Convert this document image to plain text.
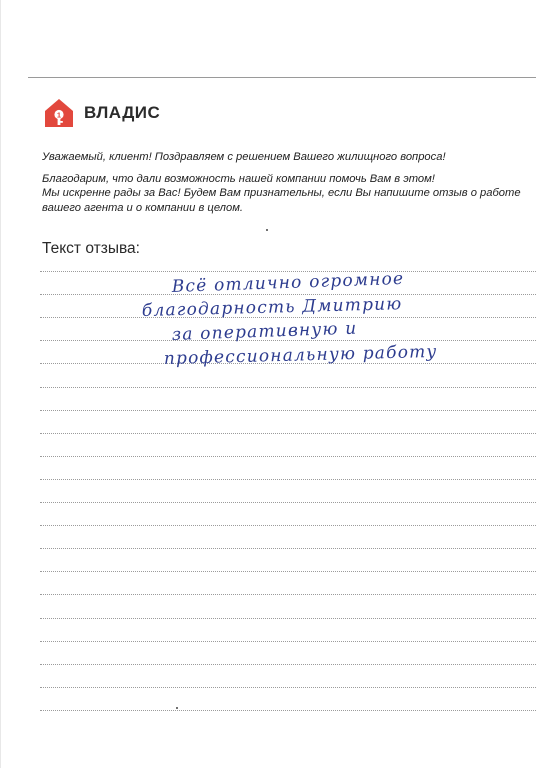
1 ВЛАДИС

Уважаемый, клиент! Поздравляем с решением Вашего жилищного вопроса!

Благодарим, что дали возможность нашей компании помочь Вам в этом!

Мы искренне рады за Вас! Будем Вам признательны, если Вы напишите отзыв о работе

вашего агента и о компании в целом.

Текст отзыва:
Всё отлично огромное
благодарность Дмитрию
за оперативную и
профессиональную работу
